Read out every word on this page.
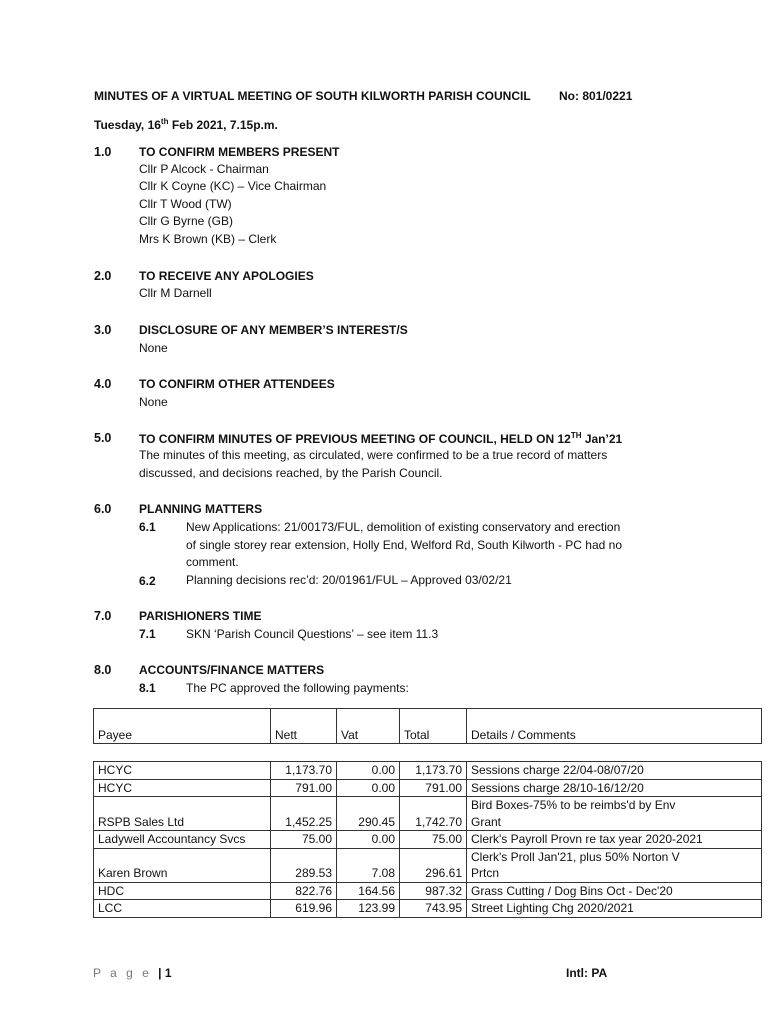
MINUTES OF A VIRTUAL MEETING OF SOUTH KILWORTH PARISH COUNCIL No: 801/0221
Tuesday, 16th Feb 2021, 7.15p.m.
1.0 TO CONFIRM MEMBERS PRESENT
Cllr P Alcock - Chairman
Cllr K Coyne (KC) – Vice Chairman
Cllr T Wood (TW)
Cllr G Byrne (GB)
Mrs K Brown (KB) – Clerk
2.0 TO RECEIVE ANY APOLOGIES
Cllr M Darnell
3.0 DISCLOSURE OF ANY MEMBER’S INTEREST/S
None
4.0 TO CONFIRM OTHER ATTENDEES
None
5.0 TO CONFIRM MINUTES OF PREVIOUS MEETING OF COUNCIL, HELD ON 12TH Jan’21
The minutes of this meeting, as circulated, were confirmed to be a true record of matters
discussed, and decisions reached, by the Parish Council.
6.0 PLANNING MATTERS
6.1	New Applications: 21/00173/FUL, demolition of existing conservatory and erection
of single storey rear extension, Holly End, Welford Rd, South Kilworth - PC had no
comment.
6.2	Planning decisions rec’d: 20/01961/FUL – Approved 03/02/21
7.0 PARISHIONERS TIME
7.1	SKN ‘Parish Council Questions’ – see item 11.3
8.0 ACCOUNTS/FINANCE MATTERS
8.1	The PC approved the following payments:
Payee	Nett	Vat	Total	Details / Comments

HCYC	1,173.70	0.00	1,173.70	Sessions charge 22/04-08/07/20
HCYC	791.00	0.00	791.00	Sessions charge 28/10-16/12/20
RSPB Sales Ltd	1,452.25	290.45	1,742.70	Bird Boxes-75% to be reimbs'd by Env
Grant

Ladywell Accountancy Svcs	75.00	0.00	75.00	Clerk's Payroll Provn re tax year 2020-2021
Karen Brown	289.53	7.08	296.61	Clerk's Proll Jan'21, plus 50% Norton V
Prtcn

HDC	822.76	164.56	987.32	Grass Cutting / Dog Bins Oct - Dec'20
LCC	619.96	123.99	743.95	Street Lighting Chg 2020/2021
P a g e | 1	Intl: PA
